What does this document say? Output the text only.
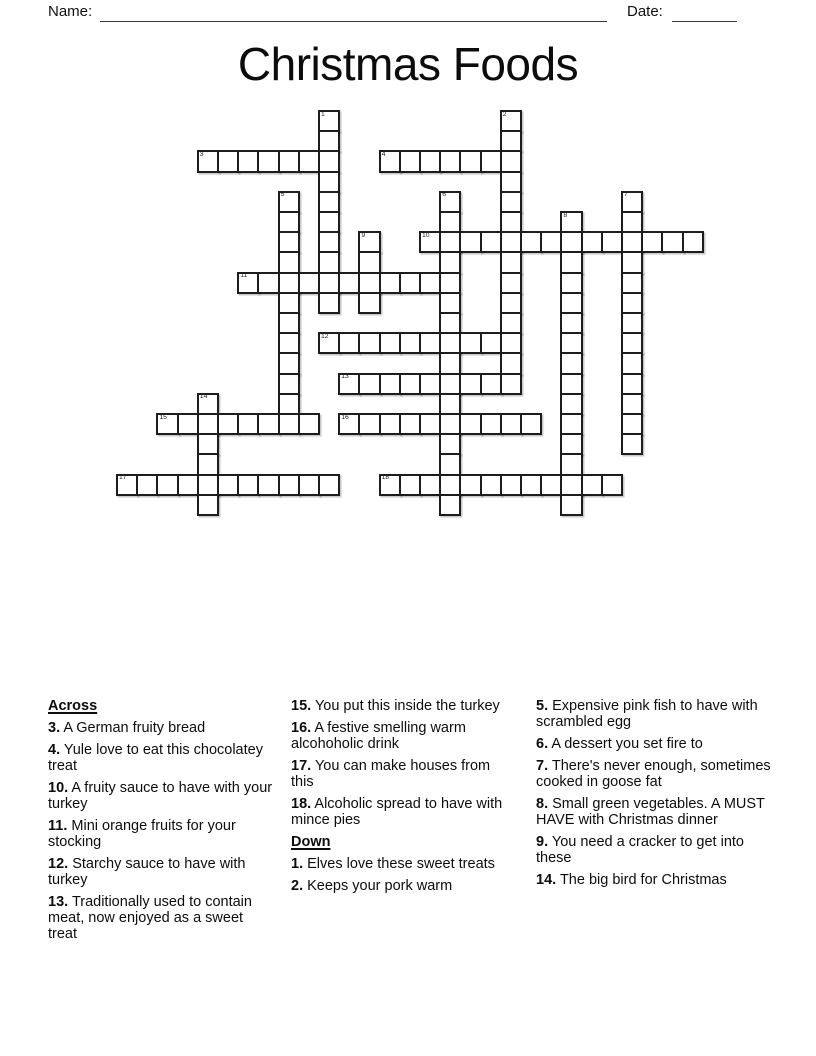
Name:	Date:
Christmas Foods
1	2
3	4
5	6	7
8
9	10
11
12
13
14
15	16
17	18
Across

3. A German fruity bread

4. Yule love to eat this chocolatey treat

10. A fruity sauce to have with your turkey

11. Mini orange fruits for your stocking

12. Starchy sauce to have with turkey

13. Traditionally used to contain meat, now enjoyed as a sweet treat

15. You put this inside the turkey

16. A festive smelling warm alcohoholic drink

17. You can make houses from this

18. Alcoholic spread to have with mince pies

Down

1. Elves love these sweet treats

2. Keeps your pork warm

5. Expensive pink fish to have with scrambled egg

6. A dessert you set fire to

7. There's never enough, sometimes cooked in goose fat

8. Small green vegetables. A MUST HAVE with Christmas dinner

9. You need a cracker to get into these

14. The big bird for Christmas
